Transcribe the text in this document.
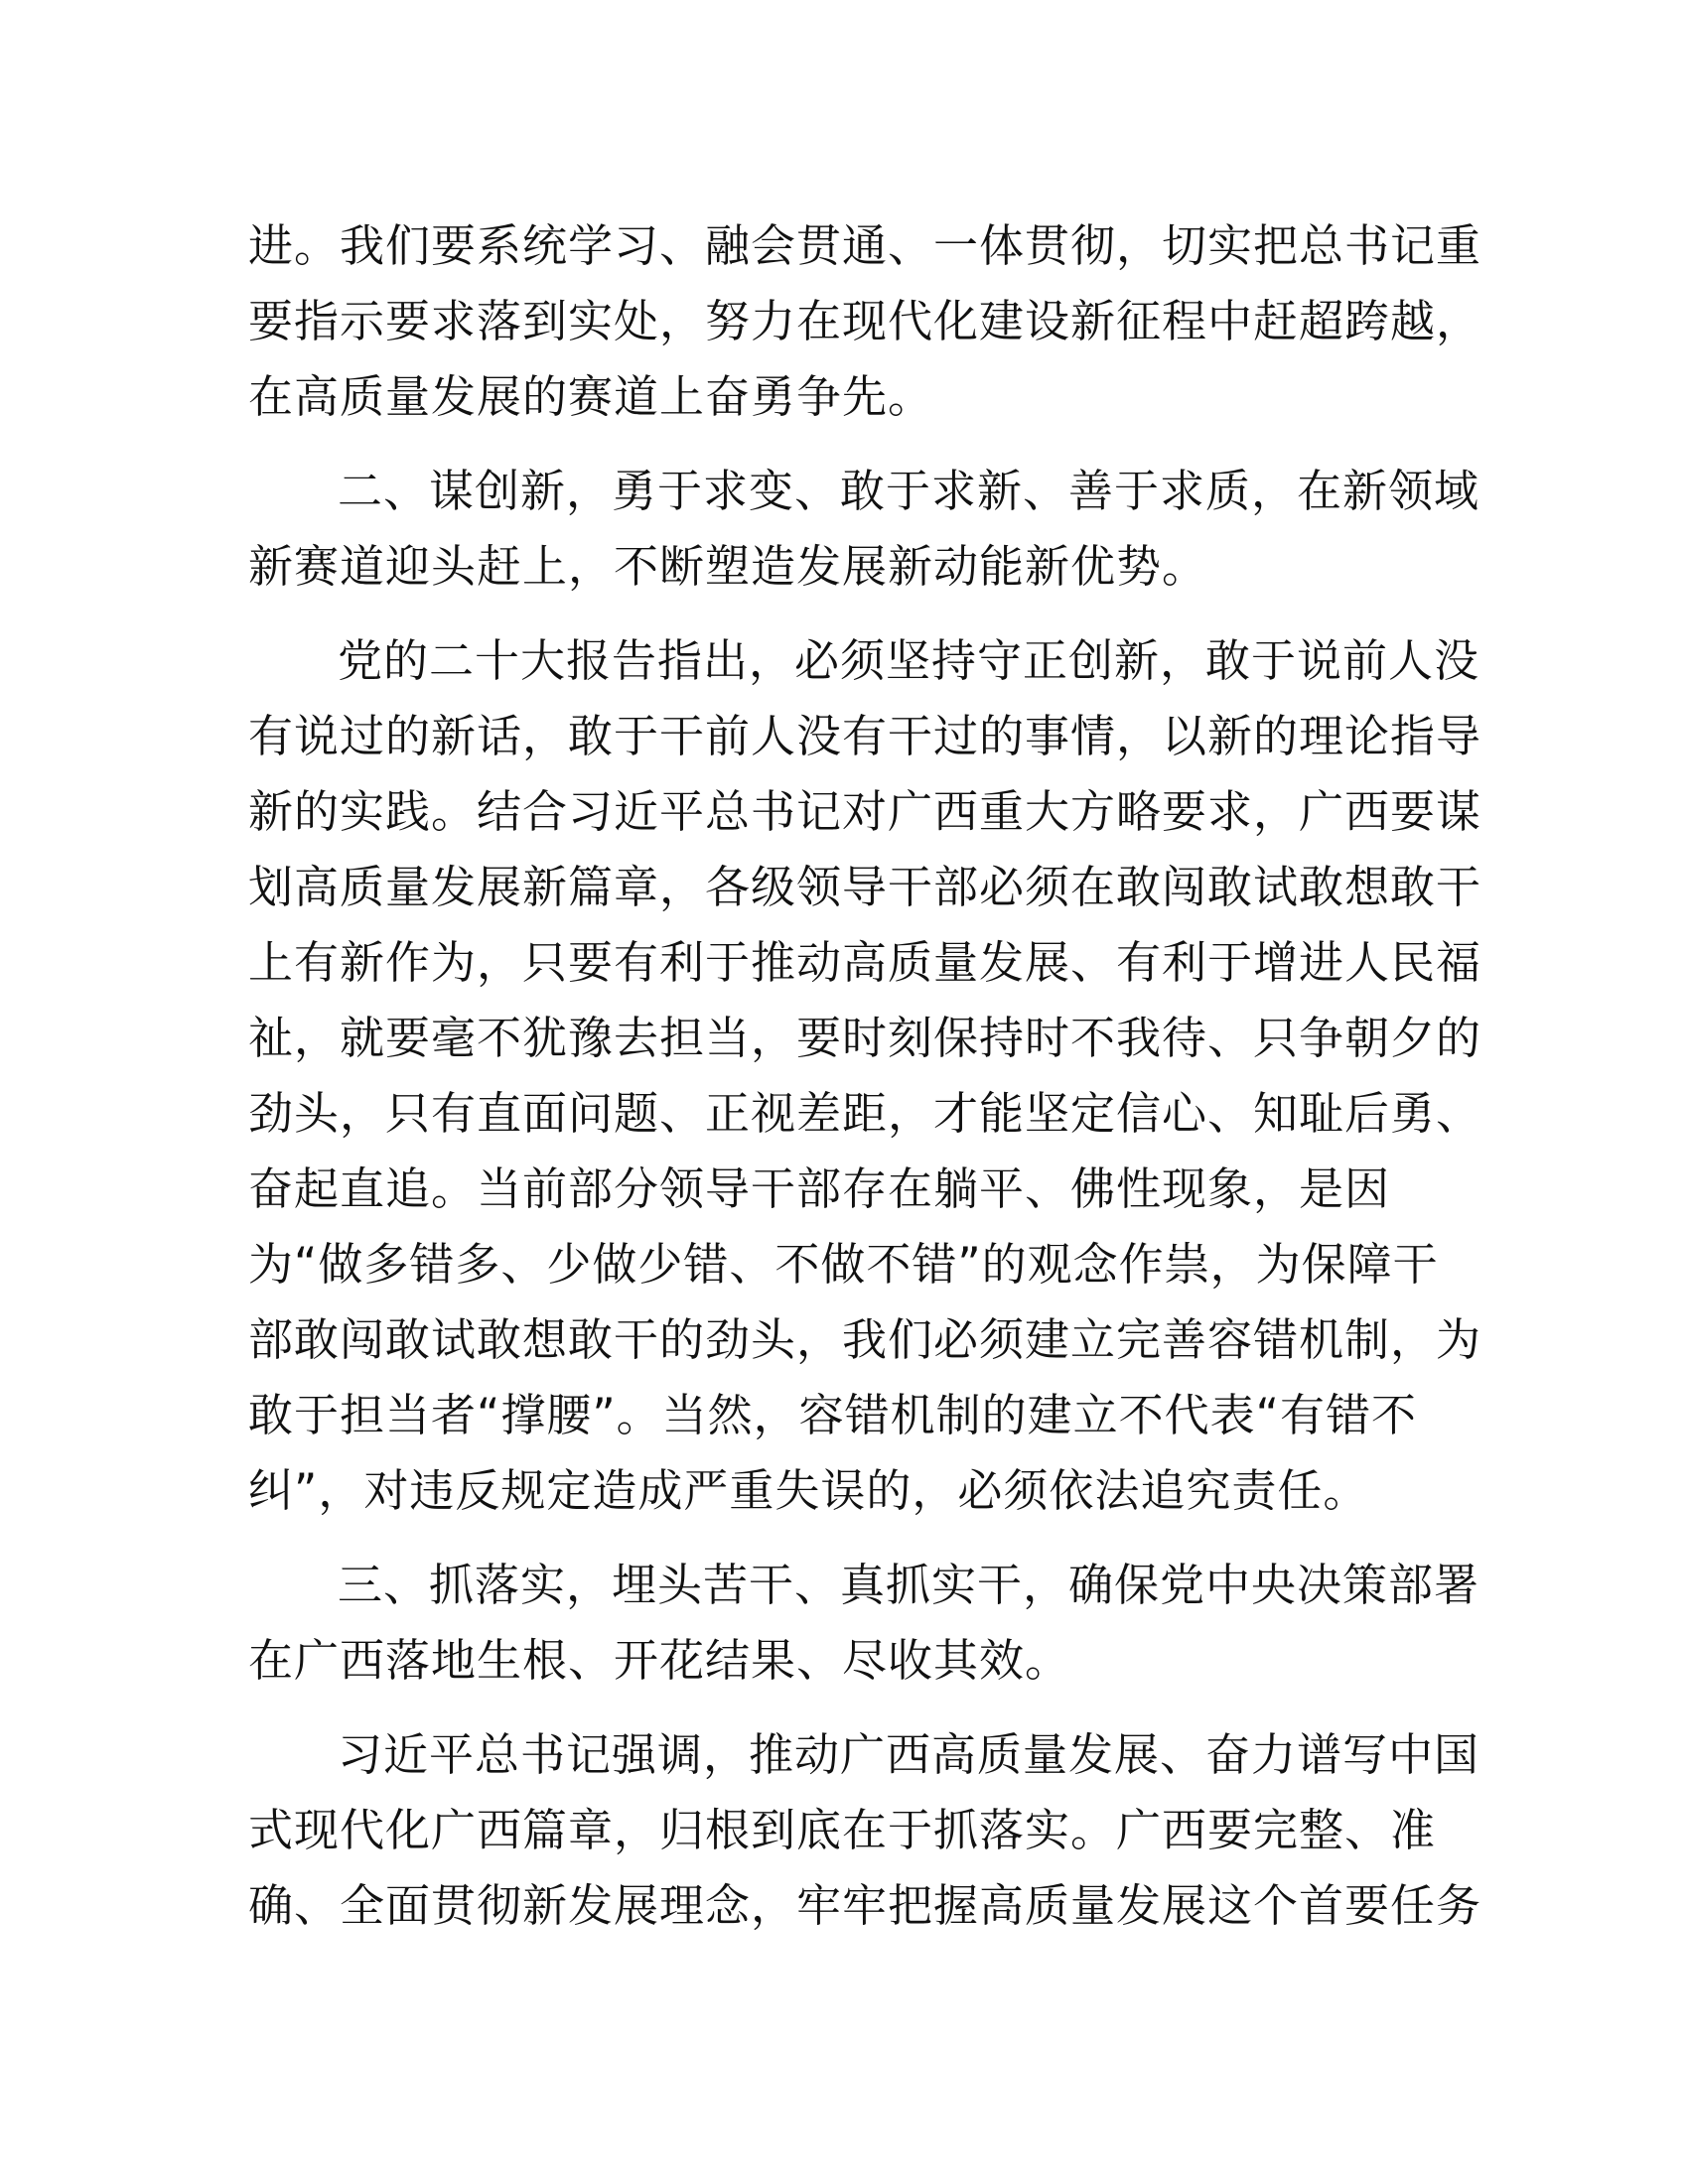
进。我们要系统学习、融会贯通、一体贯彻，切实把总书记重
要指示要求落到实处，努力在现代化建设新征程中赶超跨越，
在高质量发展的赛道上奋勇争先。
二、谋创新，勇于求变、敢于求新、善于求质，在新领域
新赛道迎头赶上，不断塑造发展新动能新优势。
党的二十大报告指出，必须坚持守正创新，敢于说前人没
有说过的新话，敢于干前人没有干过的事情，以新的理论指导
新的实践。结合习近平总书记对广西重大方略要求，广西要谋
划高质量发展新篇章，各级领导干部必须在敢闯敢试敢想敢干
上有新作为，只要有利于推动高质量发展、有利于增进人民福
祉，就要毫不犹豫去担当，要时刻保持时不我待、只争朝夕的
劲头，只有直面问题、正视差距，才能坚定信心、知耻后勇、
奋起直追。当前部分领导干部存在躺平、佛性现象，是因
为“做多错多、少做少错、不做不错”的观念作祟，为保障干
部敢闯敢试敢想敢干的劲头，我们必须建立完善容错机制，为
敢于担当者“撑腰”。当然，容错机制的建立不代表“有错不
纠”，对违反规定造成严重失误的，必须依法追究责任。
三、抓落实，埋头苦干、真抓实干，确保党中央决策部署
在广西落地生根、开花结果、尽收其效。
习近平总书记强调，推动广西高质量发展、奋力谱写中国
式现代化广西篇章，归根到底在于抓落实。广西要完整、准
确、全面贯彻新发展理念，牢牢把握高质量发展这个首要任务
